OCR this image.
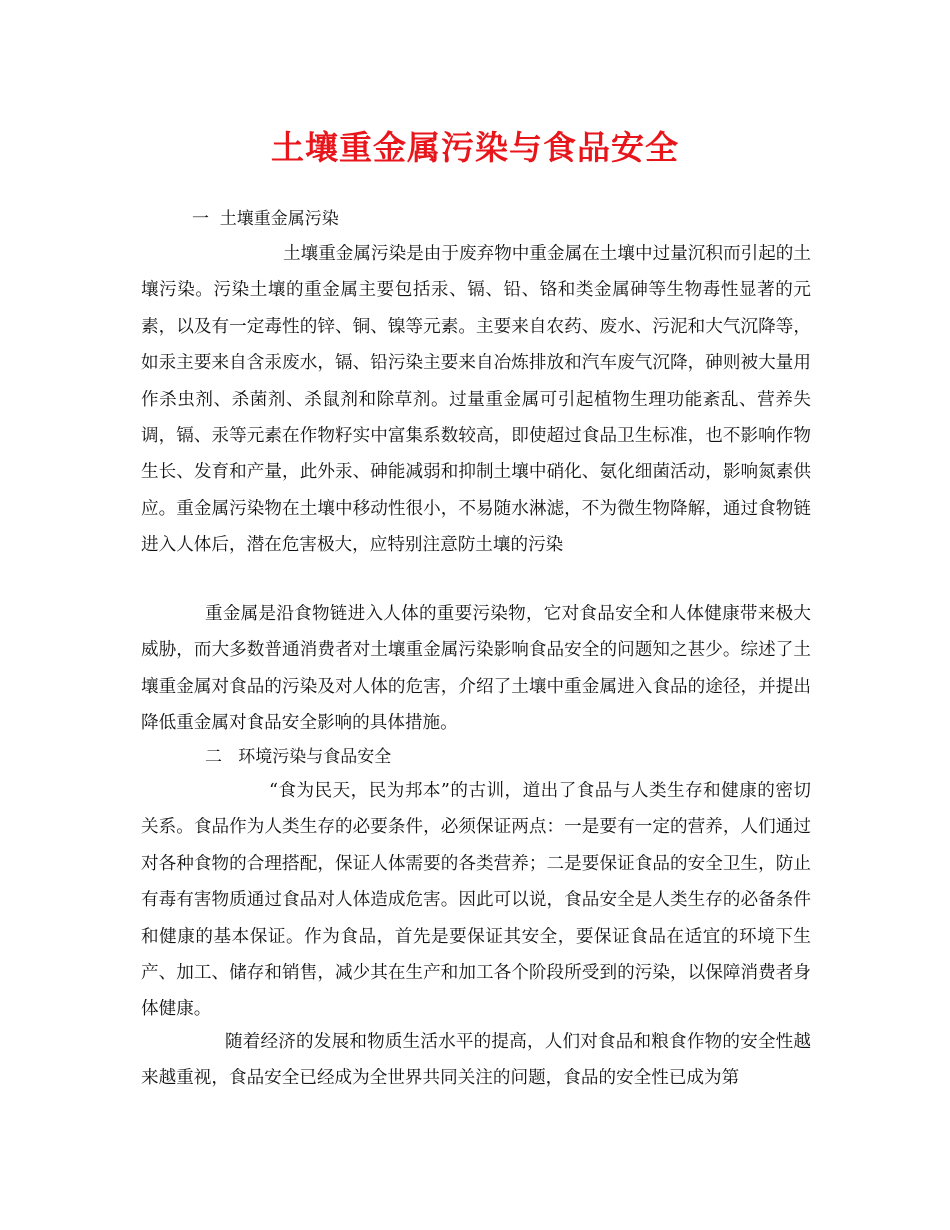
土壤重金属污染与食品安全
一  土壤重金属污染
土壤重金属污染是由于废弃物中重金属在土壤中过量沉积而引起的土壤污染。污染土壤的重金属主要包括汞、镉、铅、铬和类金属砷等生物毒性显著的元素，以及有一定毒性的锌、铜、镍等元素。主要来自农药、废水、污泥和大气沉降等，如汞主要来自含汞废水，镉、铅污染主要来自冶炼排放和汽车废气沉降，砷则被大量用作杀虫剂、杀菌剂、杀鼠剂和除草剂。过量重金属可引起植物生理功能紊乱、营养失调，镉、汞等元素在作物籽实中富集系数较高，即使超过食品卫生标准，也不影响作物生长、发育和产量，此外汞、砷能减弱和抑制土壤中硝化、氨化细菌活动，影响氮素供应。重金属污染物在土壤中移动性很小，不易随水淋滤，不为微生物降解，通过食物链进入人体后，潜在危害极大，应特别注意防土壤的污染
重金属是沿食物链进入人体的重要污染物，它对食品安全和人体健康带来极大威胁，而大多数普通消费者对土壤重金属污染影响食品安全的问题知之甚少。综述了土壤重金属对食品的污染及对人体的危害，介绍了土壤中重金属进入食品的途径，并提出降低重金属对食品安全影响的具体措施。
二   环境污染与食品安全
“食为民天，民为邦本”的古训，道出了食品与人类生存和健康的密切关系。食品作为人类生存的必要条件，必须保证两点：一是要有一定的营养，人们通过对各种食物的合理搭配，保证人体需要的各类营养；二是要保证食品的安全卫生，防止有毒有害物质通过食品对人体造成危害。因此可以说，食品安全是人类生存的必备条件和健康的基本保证。作为食品，首先是要保证其安全，要保证食品在适宜的环境下生产、加工、储存和销售，减少其在生产和加工各个阶段所受到的污染，以保障消费者身体健康。
随着经济的发展和物质生活水平的提高，人们对食品和粮食作物的安全性越来越重视，食品安全已经成为全世界共同关注的问题，食品的安全性已成为第
